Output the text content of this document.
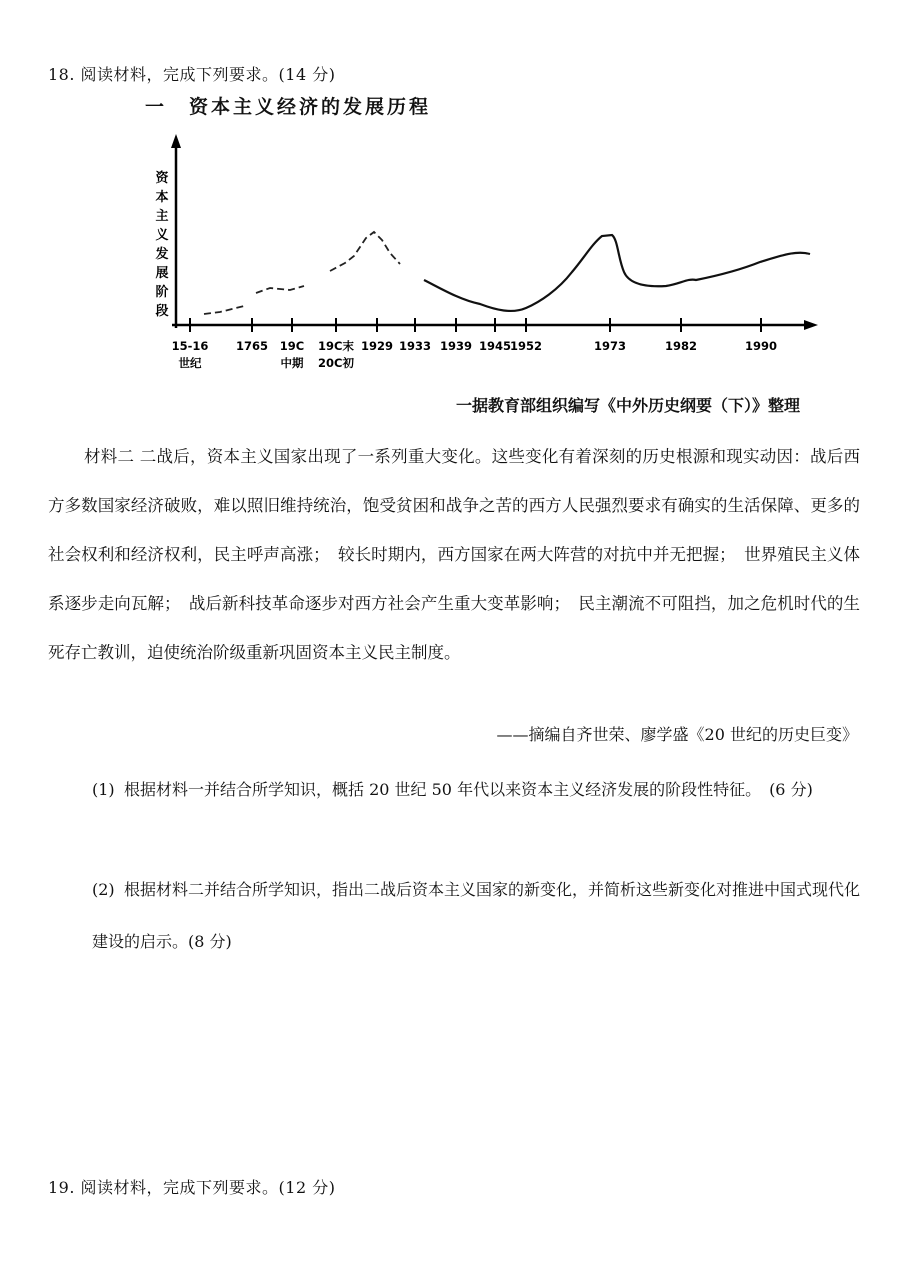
18. 阅读材料，完成下列要求。(14 分)
一　资本主义经济的发展历程
资
本
主
义
发
展
阶
段
15-16
世纪
1765 19C
中期
19C末
20C初
1929 1933 1939 1945
1952	1973	1982	1990
一据教育部组织编写《中外历史纲要（下）》整理
材料二 二战后，资本主义国家出现了一系列重大变化。这些变化有着深刻的历史根源和现实动因：战后西方多数国家经济破败，难以照旧维持统治，饱受贫困和战争之苦的西方人民强烈要求有确实的生活保障、更多的社会权利和经济权利，民主呼声高涨；　较长时期内，西方国家在两大阵营的对抗中并无把握；　世界殖民主义体系逐步走向瓦解；　战后新科技革命逐步对西方社会产生重大变革影响；　民主潮流不可阻挡，加之危机时代的生死存亡教训，迫使统治阶级重新巩固资本主义民主制度。
——摘编自齐世荣、廖学盛《20 世纪的历史巨变》
(1) 根据材料一并结合所学知识，概括 20 世纪 50 年代以来资本主义经济发展的阶段性特征。　(6 分)
(2) 根据材料二并结合所学知识，指出二战后资本主义国家的新变化，并简析这些新变化对推进中国式现代化建设的启示。(8 分)
19. 阅读材料，完成下列要求。(12 分)
